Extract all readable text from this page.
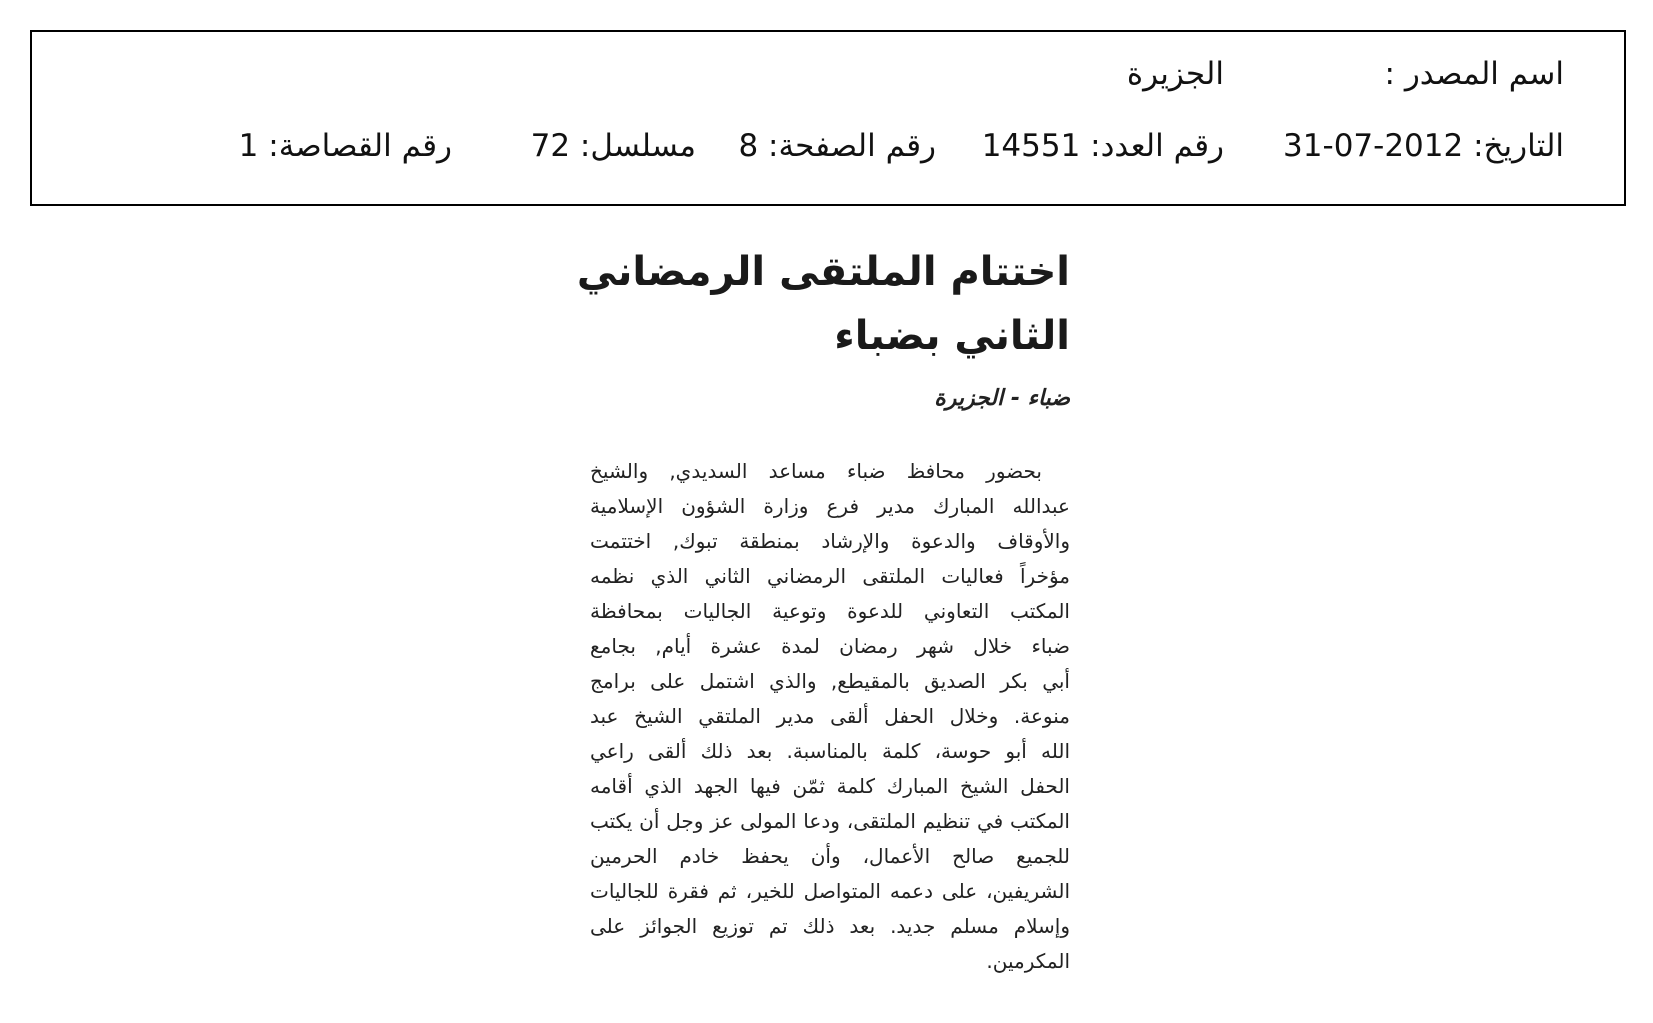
اسم المصدر :
الجزيرة
التاريخ: 2012-07-31
رقم العدد: 14551
رقم الصفحة: 8
مسلسل: 72
رقم القصاصة: 1
اختتام الملتقى الرمضاني
الثاني بضباء
ضباء - الجزيرة
بحضور محافظ ضباء مساعد السديدي, والشيخ
عبدالله المبارك مدير فرع وزارة الشؤون الإسلامية
والأوقاف والدعوة والإرشاد بمنطقة تبوك, اختتمت
مؤخراً فعاليات الملتقى الرمضاني الثاني الذي نظمه
المكتب التعاوني للدعوة وتوعية الجاليات بمحافظة
ضباء خلال شهر رمضان لمدة عشرة أيام, بجامع
أبي بكر الصديق بالمقيطع, والذي اشتمل على برامج
منوعة. وخلال الحفل ألقى مدير الملتقي الشيخ عبد
الله أبو حوسة، كلمة بالمناسبة. بعد ذلك ألقى راعي
الحفل الشيخ المبارك كلمة ثمّن فيها الجهد الذي أقامه
المكتب في تنظيم الملتقى، ودعا المولى عز وجل أن يكتب
للجميع صالح الأعمال، وأن يحفظ خادم الحرمين
الشريفين، على دعمه المتواصل للخير، ثم فقرة للجاليات
وإسلام مسلم جديد. بعد ذلك تم توزيع الجوائز على
المكرمين.
